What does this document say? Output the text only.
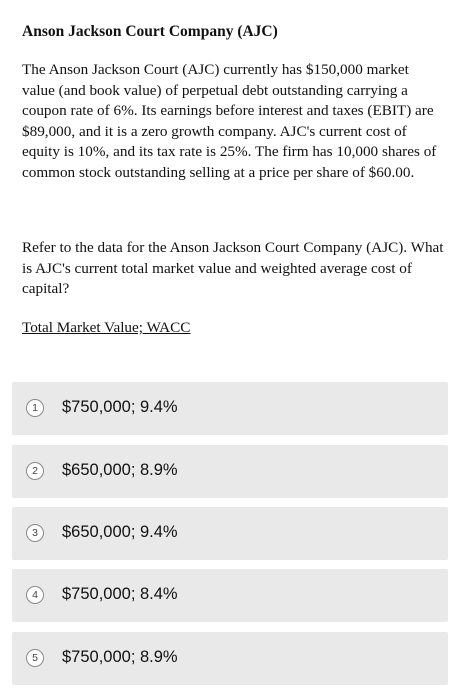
Anson Jackson Court Company (AJC)

The Anson Jackson Court (AJC) currently has $150,000 market value (and book value) of perpetual debt outstanding carrying a coupon rate of 6%. Its earnings before interest and taxes (EBIT) are $89,000, and it is a zero growth company. AJC's current cost of equity is 10%, and its tax rate is 25%. The firm has 10,000 shares of common stock outstanding selling at a price per share of $60.00.

Refer to the data for the Anson Jackson Court Company (AJC). What is AJC's current total market value and weighted average cost of capital?

Total Market Value; WACC
1	$750,000; 9.4%
2	$650,000; 8.9%
3	$650,000; 9.4%
4	$750,000; 8.4%
5	$750,000; 8.9%
